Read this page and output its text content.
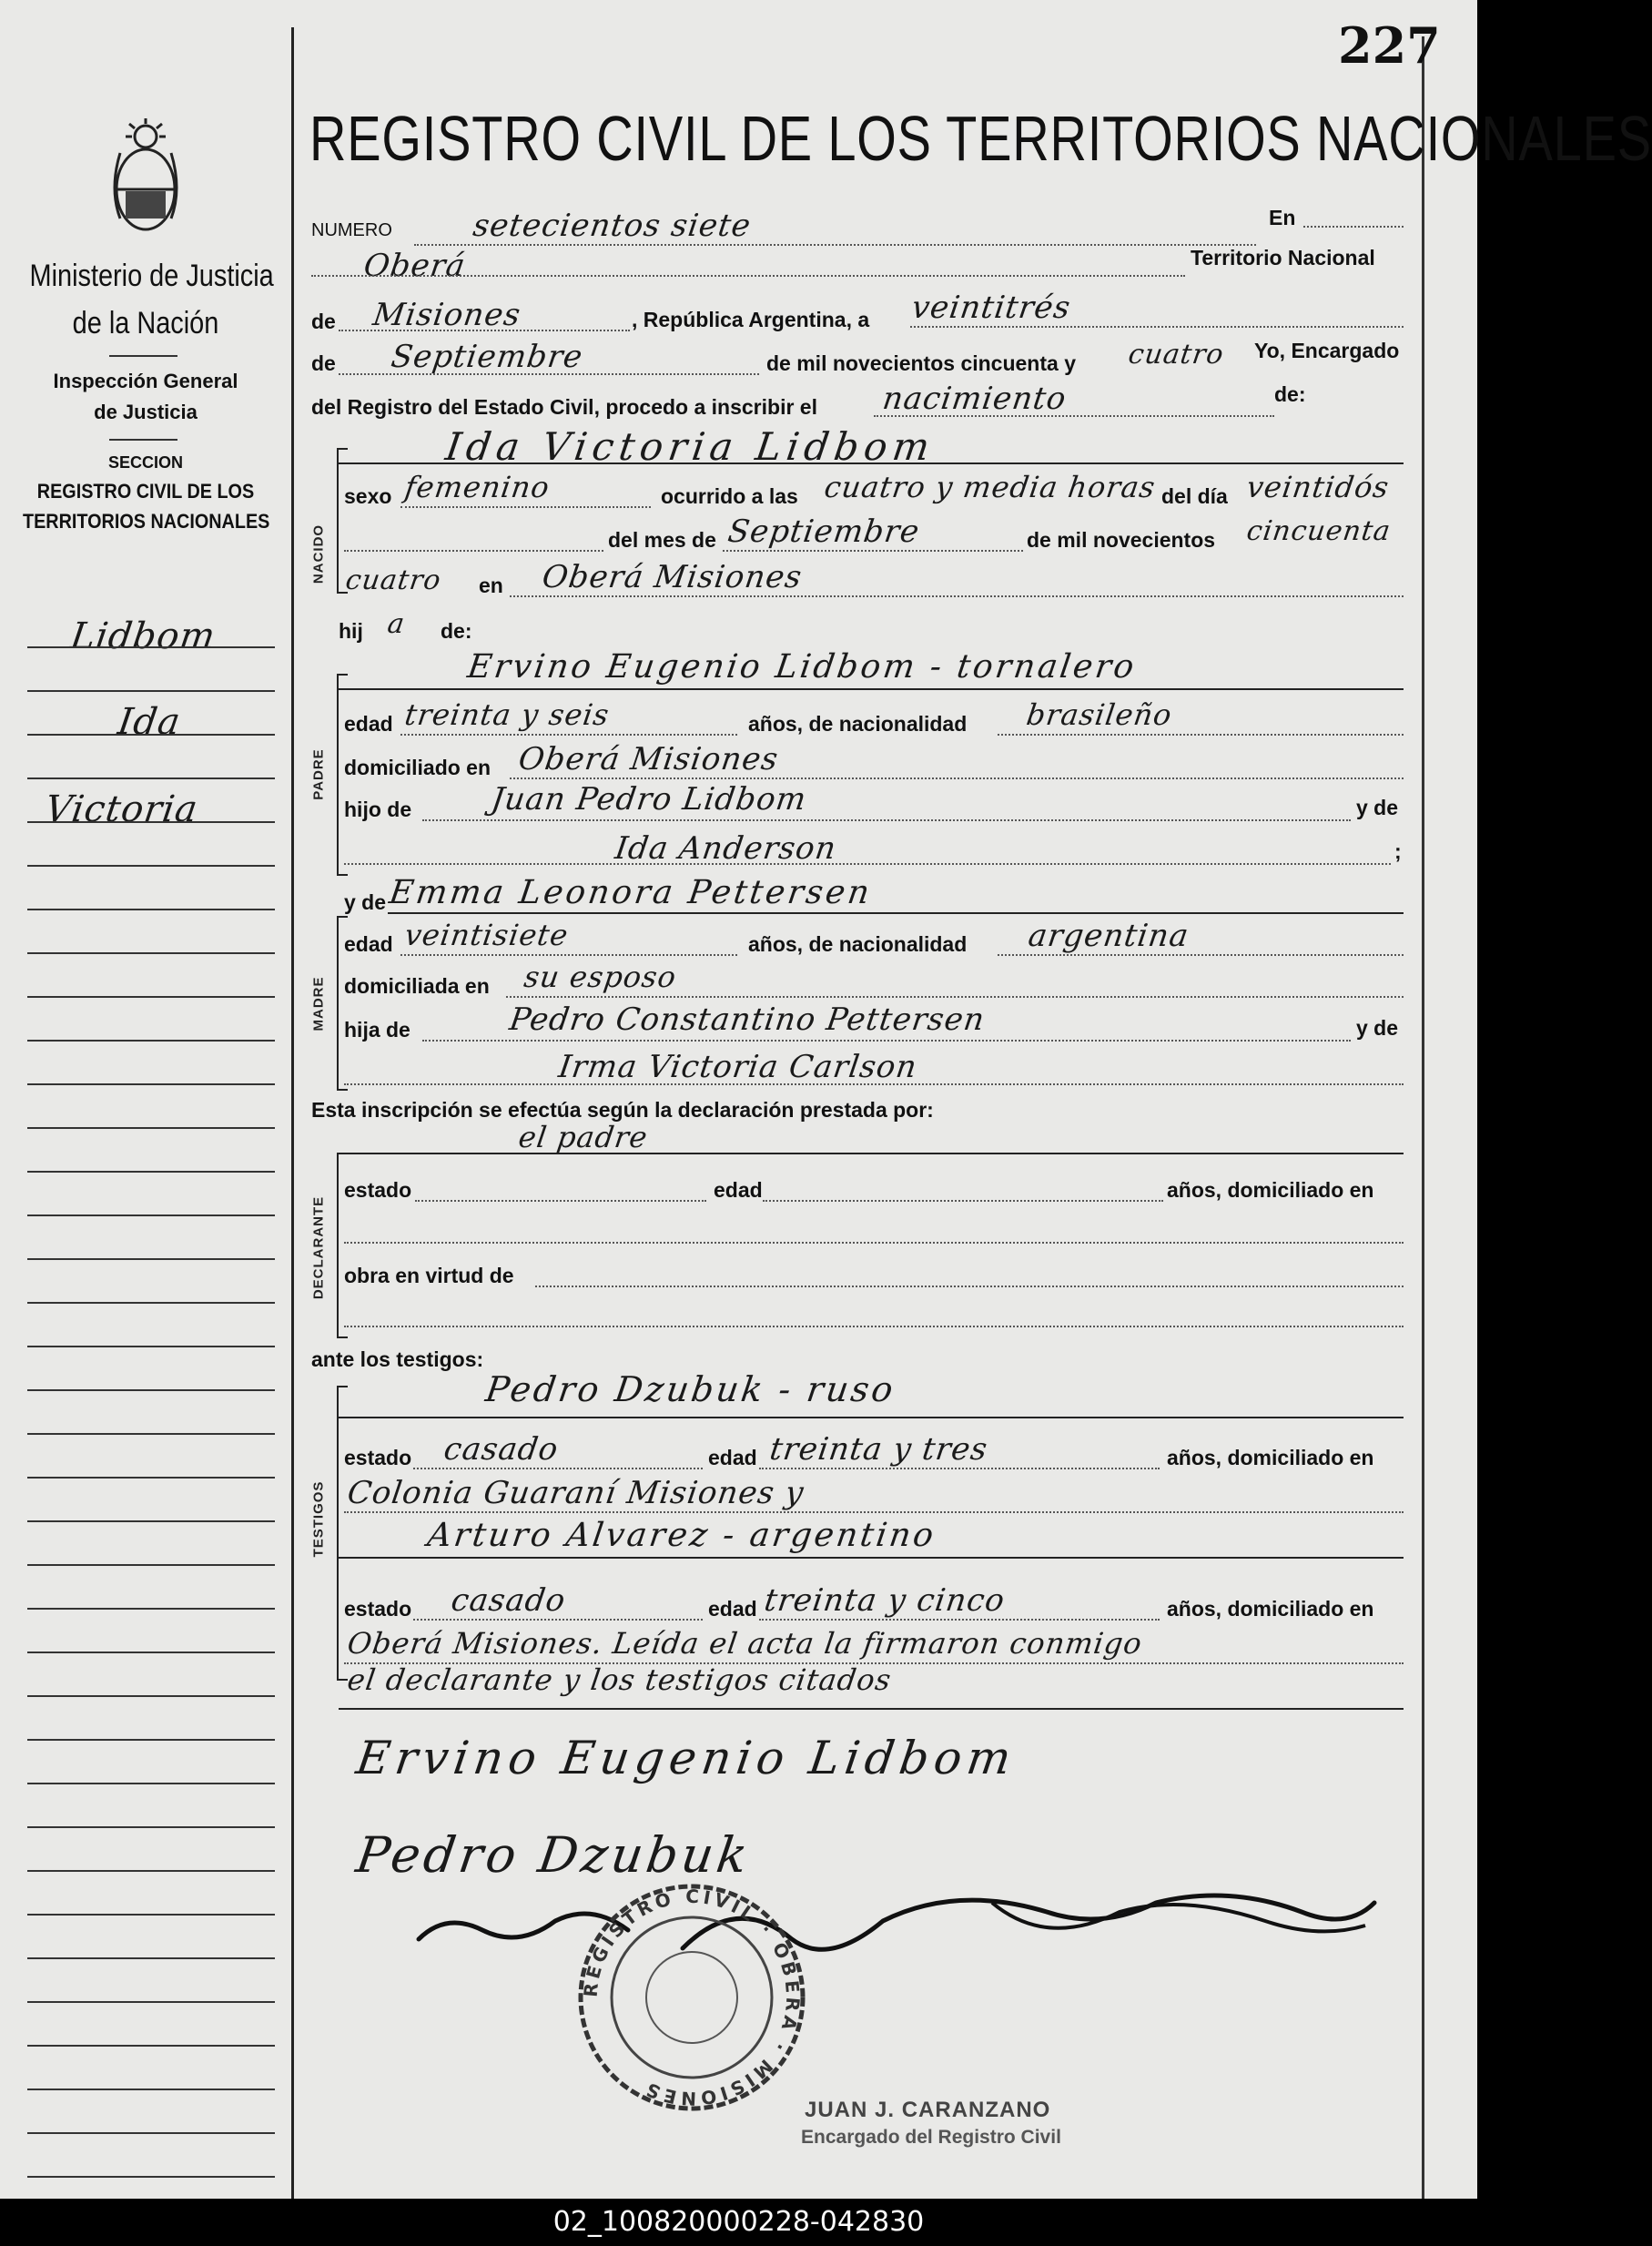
227
Ministerio de Justicia
de la Nación
Inspección General
de Justicia
SECCION
REGISTRO CIVIL DE LOS
TERRITORIOS NACIONALES
Lidbom
Ida
Victoria
REGISTRO CIVIL DE LOS TERRITORIOS NACIONALES
NUMERO	setecientos siete	En
Oberá	Territorio Nacional
de Misiones	, República Argentina, a veintitrés
de Septiembre	de mil novecientos cincuenta y cuatro Yo, Encargado
del Registro del Estado Civil, procedo a inscribir el nacimiento	de:
Ida Victoria Lidbom
NACIDO
sexo femenino	ocurrido a las cuatro y media horas del día veintidós
del mes de Septiembre	de mil novecientos cincuenta
cuatro en Oberá Misiones
hij a de:
Ervino Eugenio Lidbom - tornalero
PADRE
edad treinta y seis	años, de nacionalidad brasileño
domiciliado en Oberá Misiones
hijo de	Juan Pedro Lidbom	y de
Ida Anderson	;
y de Emma Leonora Pettersen
MADRE
edad veintisiete	años, de nacionalidad argentina
domiciliada en su esposo
hija de	Pedro Constantino Pettersen	y de
Irma Victoria Carlson
Esta inscripción se efectúa según la declaración prestada por:
el padre
DECLARANTE
estado	edad	años, domiciliado en
obra en virtud de
ante los testigos:
TESTIGOS
Pedro Dzubuk - ruso
estado casado	edad treinta y tres	años, domiciliado en
Colonia Guaraní Misiones y
Arturo Alvarez - argentino
estado casado	edad treinta y cinco	años, domiciliado en
Oberá Misiones. Leída el acta la firmaron conmigo
el declarante y los testigos citados
Ervino Eugenio Lidbom
Pedro Dzubuk
REGISTRO CIVIL · OBERÁ · MISIONES
JUAN J. CARANZANO
Encargado del Registro Civil
02_100820000228-042830
